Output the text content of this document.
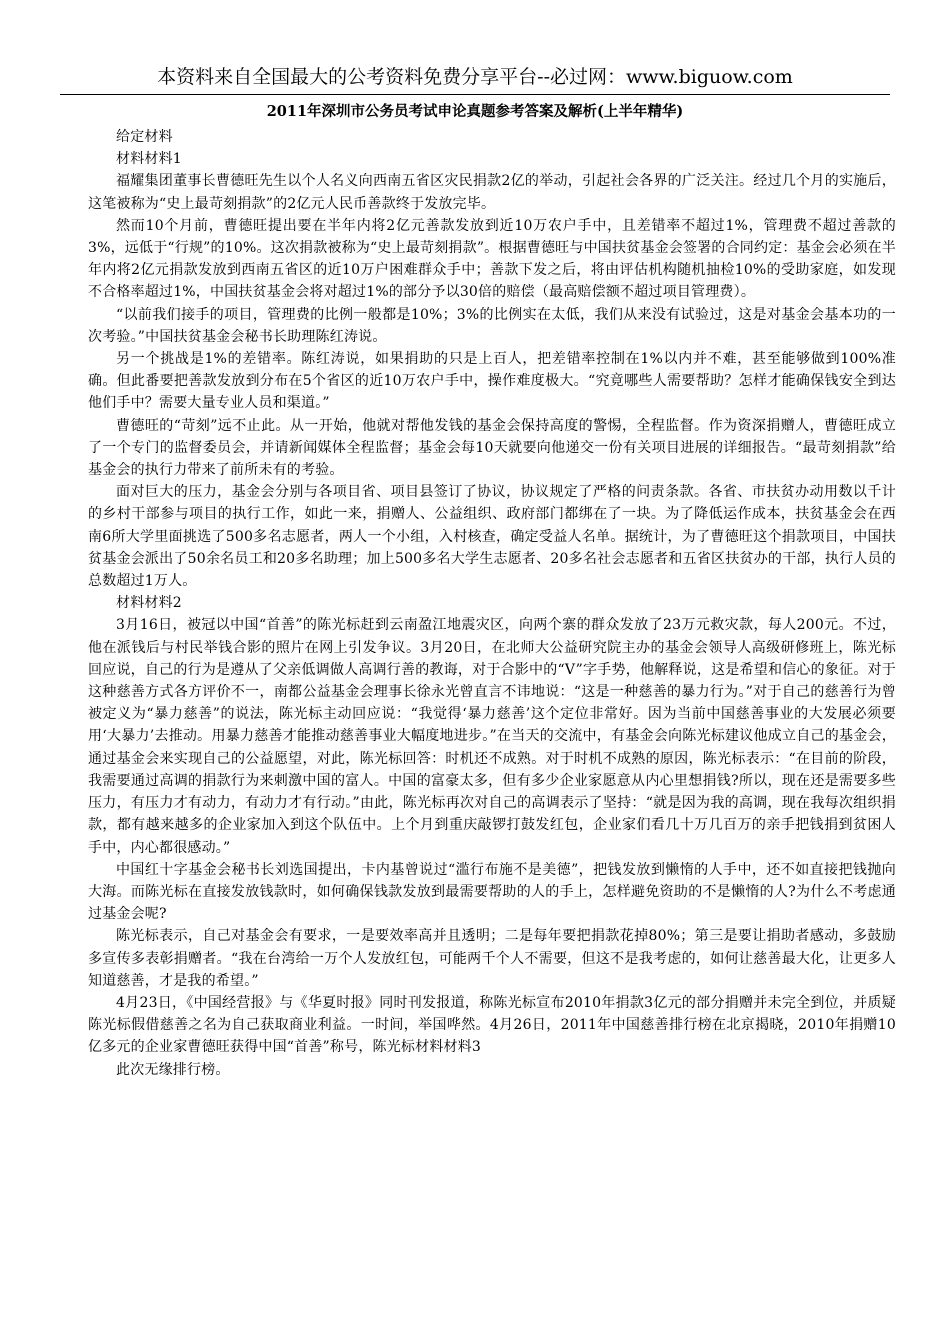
本资料来自全国最大的公考资料免费分享平台--必过网：www.biguow.com
2011年深圳市公务员考试申论真题参考答案及解析(上半年精华)

给定材料

材料材料1

福耀集团董事长曹德旺先生以个人名义向西南五省区灾民捐款2亿的举动，引起社会各界的广泛关注。经过几个月的实施后，这笔被称为“史上最苛刻捐款”的2亿元人民币善款终于发放完毕。

然而10个月前，曹德旺提出要在半年内将2亿元善款发放到近10万农户手中，且差错率不超过1%，管理费不超过善款的3%，远低于“行规”的10%。这次捐款被称为“史上最苛刻捐款”。根据曹德旺与中国扶贫基金会签署的合同约定：基金会必须在半年内将2亿元捐款发放到西南五省区的近10万户困难群众手中；善款下发之后，将由评估机构随机抽检10%的受助家庭，如发现不合格率超过1%，中国扶贫基金会将对超过1%的部分予以30倍的赔偿（最高赔偿额不超过项目管理费）。

“以前我们接手的项目，管理费的比例一般都是10%；3%的比例实在太低，我们从来没有试验过，这是对基金会基本功的一次考验。”中国扶贫基金会秘书长助理陈红涛说。

另一个挑战是1%的差错率。陈红涛说，如果捐助的只是上百人，把差错率控制在1%以内并不难，甚至能够做到100%准确。但此番要把善款发放到分布在5个省区的近10万农户手中，操作难度极大。“究竟哪些人需要帮助？怎样才能确保钱安全到达他们手中？需要大量专业人员和渠道。”

曹德旺的“苛刻”远不止此。从一开始，他就对帮他发钱的基金会保持高度的警惕，全程监督。作为资深捐赠人，曹德旺成立了一个专门的监督委员会，并请新闻媒体全程监督；基金会每10天就要向他递交一份有关项目进展的详细报告。“最苛刻捐款”给基金会的执行力带来了前所未有的考验。

面对巨大的压力，基金会分别与各项目省、项目县签订了协议，协议规定了严格的问责条款。各省、市扶贫办动用数以千计的乡村干部参与项目的执行工作，如此一来，捐赠人、公益组织、政府部门都绑在了一块。为了降低运作成本，扶贫基金会在西南6所大学里面挑选了500多名志愿者，两人一个小组，入村核查，确定受益人名单。据统计，为了曹德旺这个捐款项目，中国扶贫基金会派出了50余名员工和20多名助理；加上500多名大学生志愿者、20多名社会志愿者和五省区扶贫办的干部，执行人员的总数超过1万人。

材料材料2

3月16日，被冠以中国“首善”的陈光标赶到云南盈江地震灾区，向两个寨的群众发放了23万元救灾款，每人200元。不过，他在派钱后与村民举钱合影的照片在网上引发争议。3月20日，在北师大公益研究院主办的基金会领导人高级研修班上，陈光标回应说，自己的行为是遵从了父亲低调做人高调行善的教诲，对于合影中的“V”字手势，他解释说，这是希望和信心的象征。对于这种慈善方式各方评价不一，南都公益基金会理事长徐永光曾直言不讳地说：“这是一种慈善的暴力行为。”对于自己的慈善行为曾被定义为“暴力慈善”的说法，陈光标主动回应说：“我觉得‘暴力慈善’这个定位非常好。因为当前中国慈善事业的大发展必须要用‘大暴力’去推动。用暴力慈善才能推动慈善事业大幅度地进步。”在当天的交流中，有基金会向陈光标建议他成立自己的基金会，通过基金会来实现自己的公益愿望，对此，陈光标回答：时机还不成熟。对于时机不成熟的原因，陈光标表示：“在目前的阶段，我需要通过高调的捐款行为来刺激中国的富人。中国的富豪太多，但有多少企业家愿意从内心里想捐钱?所以，现在还是需要多些压力，有压力才有动力，有动力才有行动。”由此，陈光标再次对自己的高调表示了坚持：“就是因为我的高调，现在我每次组织捐款，都有越来越多的企业家加入到这个队伍中。上个月到重庆敲锣打鼓发红包，企业家们看几十万几百万的亲手把钱捐到贫困人手中，内心都很感动。”

中国红十字基金会秘书长刘选国提出，卡内基曾说过“滥行布施不是美德”，把钱发放到懒惰的人手中，还不如直接把钱抛向大海。而陈光标在直接发放钱款时，如何确保钱款发放到最需要帮助的人的手上，怎样避免资助的不是懒惰的人?为什么不考虑通过基金会呢?

陈光标表示，自己对基金会有要求，一是要效率高并且透明；二是每年要把捐款花掉80%；第三是要让捐助者感动，多鼓励多宣传多表彰捐赠者。“我在台湾给一万个人发放红包，可能两千个人不需要，但这不是我考虑的，如何让慈善最大化，让更多人知道慈善，才是我的希望。”

4月23日，《中国经营报》与《华夏时报》同时刊发报道，称陈光标宣布2010年捐款3亿元的部分捐赠并未完全到位，并质疑陈光标假借慈善之名为自己获取商业利益。一时间，举国哗然。4月26日，2011年中国慈善排行榜在北京揭晓，2010年捐赠10亿多元的企业家曹德旺获得中国“首善”称号，陈光标材料材料3

此次无缘排行榜。
